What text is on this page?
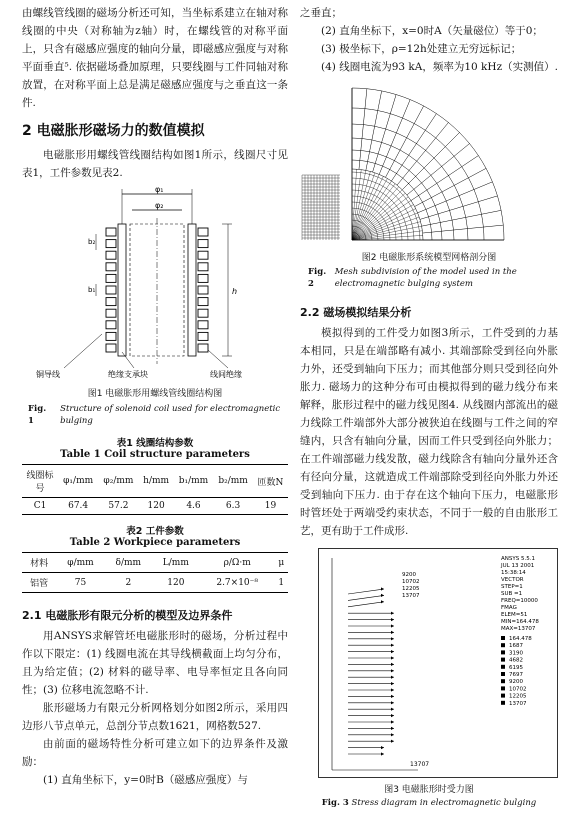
由螺线管线圈的磁场分析还可知，当坐标系建立在轴对称线圈的中央（对称轴为z轴）时，在螺线管的对称平面上，只含有磁感应强度的轴向分量，即磁感应强度与对称平面垂直⁵. 依据磁场叠加原理，只要线圈与工件同轴对称放置，在对称平面上总是满足磁感应强度与之垂直这一条件.

2 电磁胀形磁场力的数值模拟

电磁胀形用螺线管线圈结构如图1所示，线圈尺寸见表1，工件参数见表2.

φ₁
φ₂
b₂
b₁	h
铜导线	绝缘支承块	线间绝缘
图1 电磁胀形用螺线管线圈结构图
Fig. 1
Structure of solenoid coil used for electromagnetic bulging
表1 线圈结构参数
Table 1 Coil structure parameters
线圈标号	φ₁/mm	φ₂/mm	h/mm	b₁/mm	b₂/mm	匝数N
C1	67.4	57.2	120	4.6	6.3	19
表2 工件参数
Table 2 Workpiece parameters
材料	φ/mm	δ/mm	L/mm	ρ/Ω·m	μ
铝管	75	2	120	2.7×10⁻⁸	1
2.1 电磁胀形有限元分析的模型及边界条件

用ANSYS求解管坯电磁胀形时的磁场，分析过程中作以下限定：(1) 线圈电流在其导线横截面上均匀分布，且为给定值；(2) 材料的磁导率、电导率恒定且各向同性；(3) 位移电流忽略不计.

胀形磁场力有限元分析网格划分如图2所示，采用四边形八节点单元，总剖分节点数1621，网格数527.

由前面的磁场特性分析可建立如下的边界条件及激励：

(1) 直角坐标下，y=0时B（磁感应强度）与

之垂直；

(2) 直角坐标下，x=0时A（矢量磁位）等于0；

(3) 极坐标下，ρ=12h处建立无穷远标记；

(4) 线圈电流为93 kA，频率为10 kHz（实测值）.

图2 电磁胀形系统模型网格剖分图
Fig. 2
Mesh subdivision of the model used in the electromagnetic bulging system
2.2 磁场模拟结果分析

模拟得到的工件受力如图3所示，工件受到的力基本相同，只是在端部略有减小. 其端部除受到径向外胀力外，还受到轴向下压力；而其他部分则只受到径向外胀力. 磁场力的这种分布可由模拟得到的磁力线分布来解释，胀形过程中的磁力线见图4. 从线圈内部流出的磁力线除工件端部外大部分被狭迫在线圈与工件之间的窄缝内，只含有轴向分量，因而工件只受到径向外胀力；在工件端部磁力线发散，磁力线除含有轴向分量外还含有径向分量，这就造成工件端部除受到径向外胀力外还受到轴向下压力. 由于存在这个轴向下压力，电磁胀形时管坯处于两端受约束状态，不同于一般的自由胀形工艺，更有助于工件成形.

ANSYS 5.5.1
JUL 13 2001
15:38:14
VECTOR
STEP=1
SUB =1
FREQ=10000
FMAG
ELEM=51
MIN=164.478
MAX=13707
164.478
1687
3190
4682
6195
7697
9200
10702
12205
13707
9200
10702
12205
13707
13707
图3 电磁胀形时受力图
Fig. 3 Stress diagram in electromagnetic bulging
